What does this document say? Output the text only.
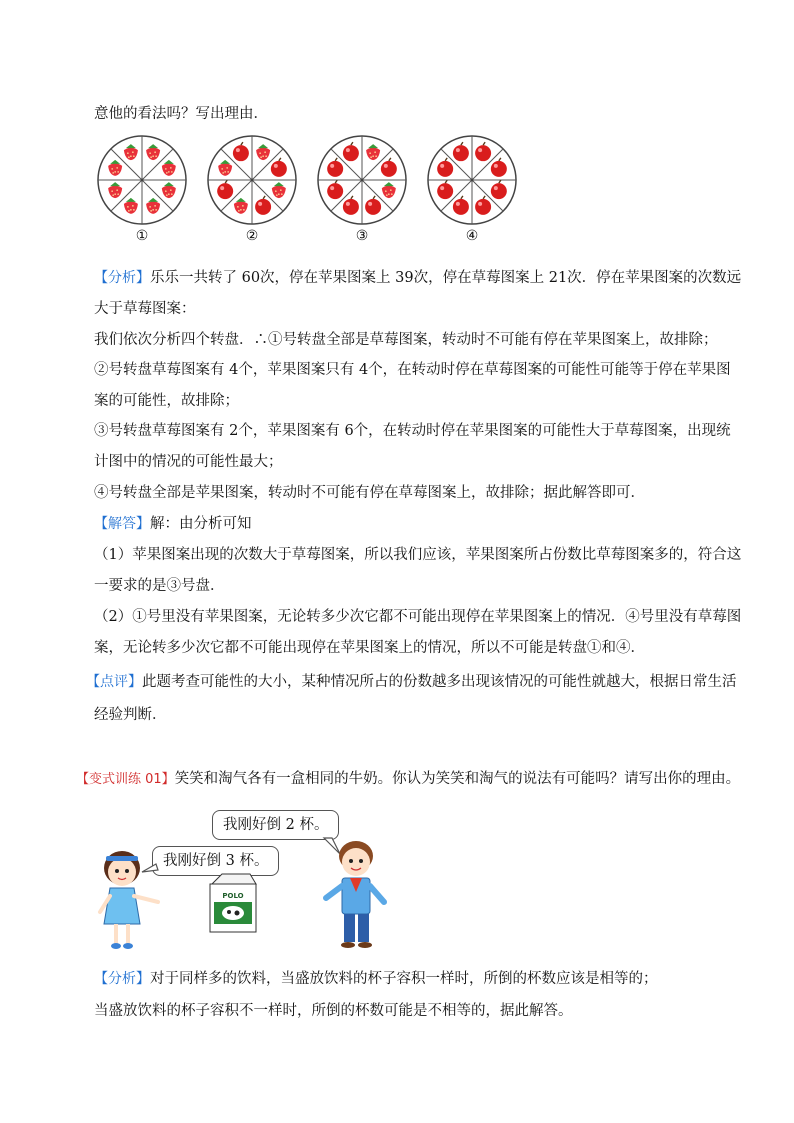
意他的看法吗？写出理由．
①	②	③	④
【分析】乐乐一共转了 60次，停在苹果图案上 39次，停在草莓图案上 21次．停在苹果图案的次数远
大于草莓图案：
我们依次分析四个转盘．∴①号转盘全部是草莓图案，转动时不可能有停在苹果图案上，故排除；
②号转盘草莓图案有 4个，苹果图案只有 4个，在转动时停在草莓图案的可能性可能等于停在苹果图
案的可能性，故排除；
③号转盘草莓图案有 2个，苹果图案有 6个，在转动时停在苹果图案的可能性大于草莓图案，出现统
计图中的情况的可能性最大；
④号转盘全部是苹果图案，转动时不可能有停在草莓图案上，故排除；据此解答即可．
【解答】解：由分析可知
（1）苹果图案出现的次数大于草莓图案，所以我们应该，苹果图案所占份数比草莓图案多的，符合这
一要求的是③号盘．
（2）①号里没有苹果图案，无论转多少次它都不可能出现停在苹果图案上的情况．④号里没有草莓图
案，无论转多少次它都不可能出现停在苹果图案上的情况，所以不可能是转盘①和④．
【点评】此题考查可能性的大小，某种情况所占的份数越多出现该情况的可能性就越大，根据日常生活
经验判断．
【变式训练 01】笑笑和淘气各有一盒相同的牛奶。你认为笑笑和淘气的说法有可能吗？请写出你的理由。
我刚好倒 2 杯。
我刚好倒 3 杯。
POLO
【分析】对于同样多的饮料，当盛放饮料的杯子容积一样时，所倒的杯数应该是相等的；
当盛放饮料的杯子容积不一样时，所倒的杯数可能是不相等的，据此解答。
